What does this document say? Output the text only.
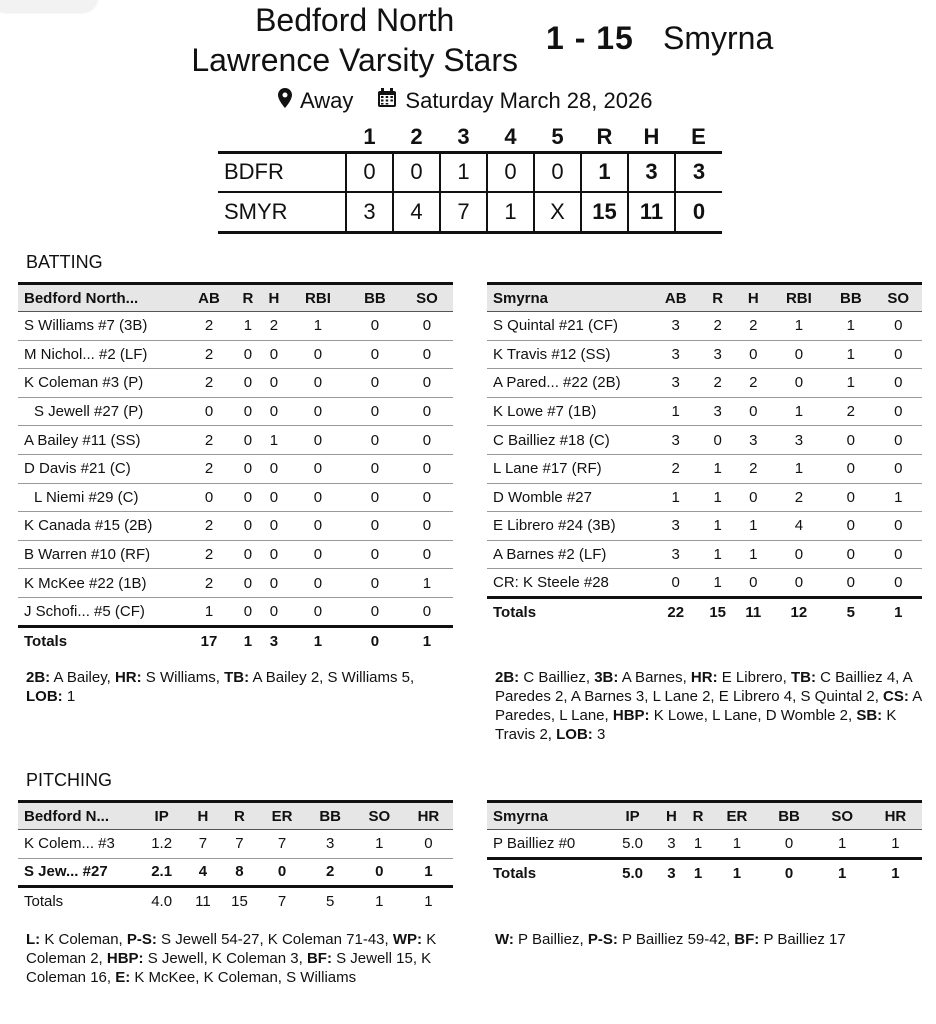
Bedford North
Lawrence Varsity Stars
1 - 15 Smyrna
Away Saturday March 28, 2026
	1	2	3	4	5	R	H	E
BDFR	0	0	1	0	0	1	3	3
SMYR	3	4	7	1	X	15	11	0
BATTING
Bedford North...	AB	R	H	RBI	BB	SO
S Williams #7 (3B)	2	1	2	1	0	0
M Nichol... #2 (LF)	2	0	0	0	0	0
K Coleman #3 (P)	2	0	0	0	0	0
S Jewell #27 (P)	0	0	0	0	0	0
A Bailey #11 (SS)	2	0	1	0	0	0
D Davis #21 (C)	2	0	0	0	0	0
L Niemi #29 (C)	0	0	0	0	0	0
K Canada #15 (2B)	2	0	0	0	0	0
B Warren #10 (RF)	2	0	0	0	0	0
K McKee #22 (1B)	2	0	0	0	0	1
J Schofi... #5 (CF)	1	0	0	0	0	0
Totals	17	1	3	1	0	1
Smyrna	AB	R	H	RBI	BB	SO
S Quintal #21 (CF)	3	2	2	1	1	0
K Travis #12 (SS)	3	3	0	0	1	0
A Pared... #22 (2B)	3	2	2	0	1	0
K Lowe #7 (1B)	1	3	0	1	2	0
C Bailliez #18 (C)	3	0	3	3	0	0
L Lane #17 (RF)	2	1	2	1	0	0
D Womble #27	1	1	0	2	0	1
E Librero #24 (3B)	3	1	1	4	0	0
A Barnes #2 (LF)	3	1	1	0	0	0
CR: K Steele #28	0	1	0	0	0	0
Totals	22	15	11	12	5	1
2B: A Bailey, HR: S Williams, TB: A Bailey 2, S Williams 5, LOB: 1
2B: C Bailliez, 3B: A Barnes, HR: E Librero, TB: C Bailliez 4, A Paredes 2, A Barnes 3, L Lane 2, E Librero 4, S Quintal 2, CS: A Paredes, L Lane, HBP: K Lowe, L Lane, D Womble 2, SB: K Travis 2, LOB: 3
PITCHING
Bedford N...	IP	H	R	ER	BB	SO	HR
K Colem... #3	1.2	7	7	7	3	1	0
S Jew... #27	2.1	4	8	0	2	0	1
Totals	4.0	11	15	7	5	1	1
Smyrna	IP	H	R	ER	BB	SO	HR
P Bailliez #0	5.0	3	1	1	0	1	1
Totals	5.0	3	1	1	0	1	1
L: K Coleman, P-S: S Jewell 54-27, K Coleman 71-43, WP: K Coleman 2, HBP: S Jewell, K Coleman 3, BF: S Jewell 15, K Coleman 16, E: K McKee, K Coleman, S Williams
W: P Bailliez, P-S: P Bailliez 59-42, BF: P Bailliez 17
